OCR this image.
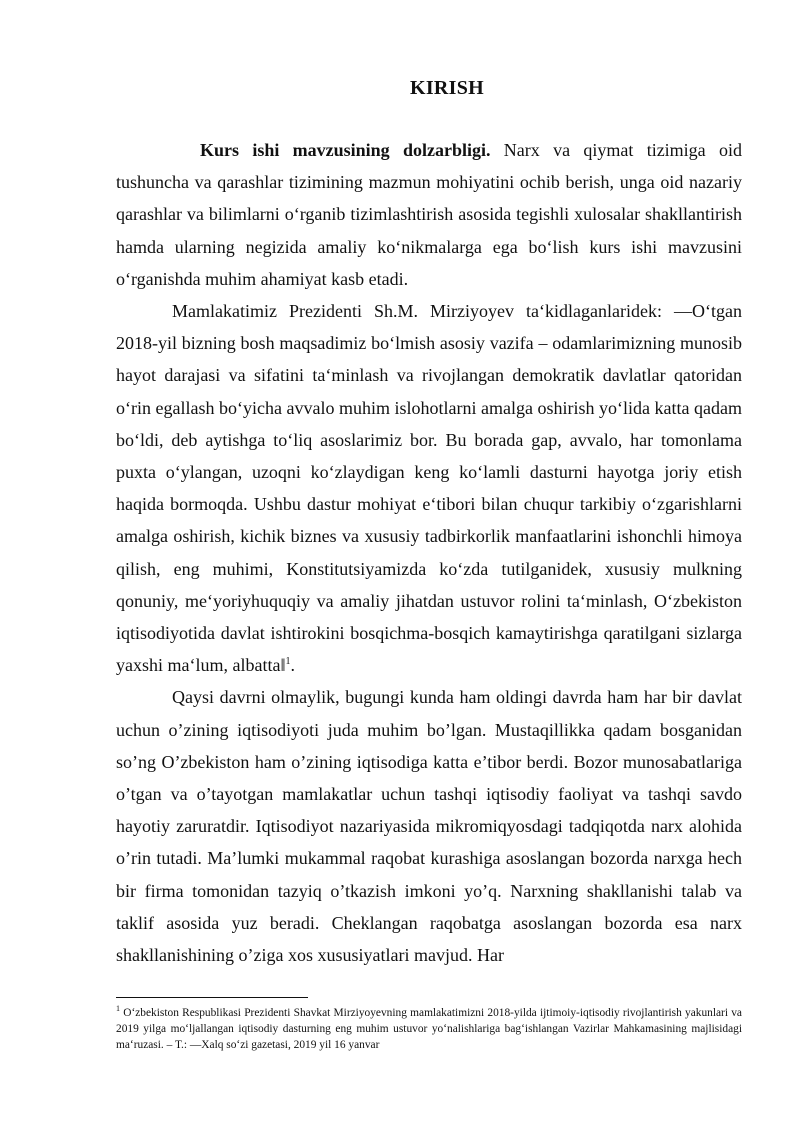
KIRISH

Kurs ishi mavzusining dolzarbligi. Narx va qiymat tizimiga oid tushuncha va qarashlar tizimining mazmun mohiyatini ochib berish, unga oid nazariy qarashlar va bilimlarni oʻrganib tizimlashtirish asosida tegishli xulosalar shakllantirish hamda ularning negizida amaliy koʻnikmalarga ega boʻlish kurs ishi mavzusini oʻrganishda muhim ahamiyat kasb etadi.

Mamlakatimiz Prezidenti Sh.M. Mirziyoyev taʻkidlaganlaridek: ―Oʻtgan 2018-yil bizning bosh maqsadimiz boʻlmish asosiy vazifa – odamlarimizning munosib hayot darajasi va sifatini taʻminlash va rivojlangan demokratik davlatlar qatoridan oʻrin egallash boʻyicha avvalo muhim islohotlarni amalga oshirish yoʻlida katta qadam boʻldi, deb aytishga toʻliq asoslarimiz bor. Bu borada gap, avvalo, har tomonlama puxta oʻylangan, uzoqni koʻzlaydigan keng koʻlamli dasturni hayotga joriy etish haqida bormoqda. Ushbu dastur mohiyat eʻtibori bilan chuqur tarkibiy oʻzgarishlarni amalga oshirish, kichik biznes va xususiy tadbirkorlik manfaatlarini ishonchli himoya qilish, eng muhimi, Konstitutsiyamizda koʻzda tutilganidek, xususiy mulkning qonuniy, meʻyoriyhuquqiy va amaliy jihatdan ustuvor rolini taʻminlash, Oʻzbekiston iqtisodiyotida davlat ishtirokini bosqichma-bosqich kamaytirishga qaratilgani sizlarga yaxshi maʻlum, albatta‖$^1$.

Qaysi davrni olmaylik, bugungi kunda ham oldingi davrda ham har bir davlat uchun o’zining iqtisodiyoti juda muhim bo’lgan. Mustaqillikka qadam bosganidan so’ng O’zbekiston ham o’zining iqtisodiga katta e’tibor berdi. Bozor munosabatlariga o’tgan va o’tayotgan mamlakatlar uchun tashqi iqtisodiy faoliyat va tashqi savdo hayotiy zaruratdir. Iqtisodiyot nazariyasida mikromiqyosdagi tadqiqotda narx alohida o’rin tutadi. Ma’lumki mukammal raqobat kurashiga asoslangan bozorda narxga hech bir firma tomonidan tazyiq o’tkazish imkoni yo’q. Narxning shakllanishi talab va taklif asosida yuz beradi. Cheklangan raqobatga asoslangan bozorda esa narx shakllanishining o’ziga xos xususiyatlari mavjud. Har

$^1$ Oʻzbekiston Respublikasi Prezidenti Shavkat Mirziyoyevning mamlakatimizni 2018-yilda ijtimoiy-iqtisodiy rivojlantirish yakunlari va 2019 yilga moʻljallangan iqtisodiy dasturning eng muhim ustuvor yoʻnalishlariga bagʻishlangan Vazirlar Mahkamasining majlisidagi maʻruzasi. – T.: ―Xalq soʻzi gazetasi, 2019 yil 16 yanvar
